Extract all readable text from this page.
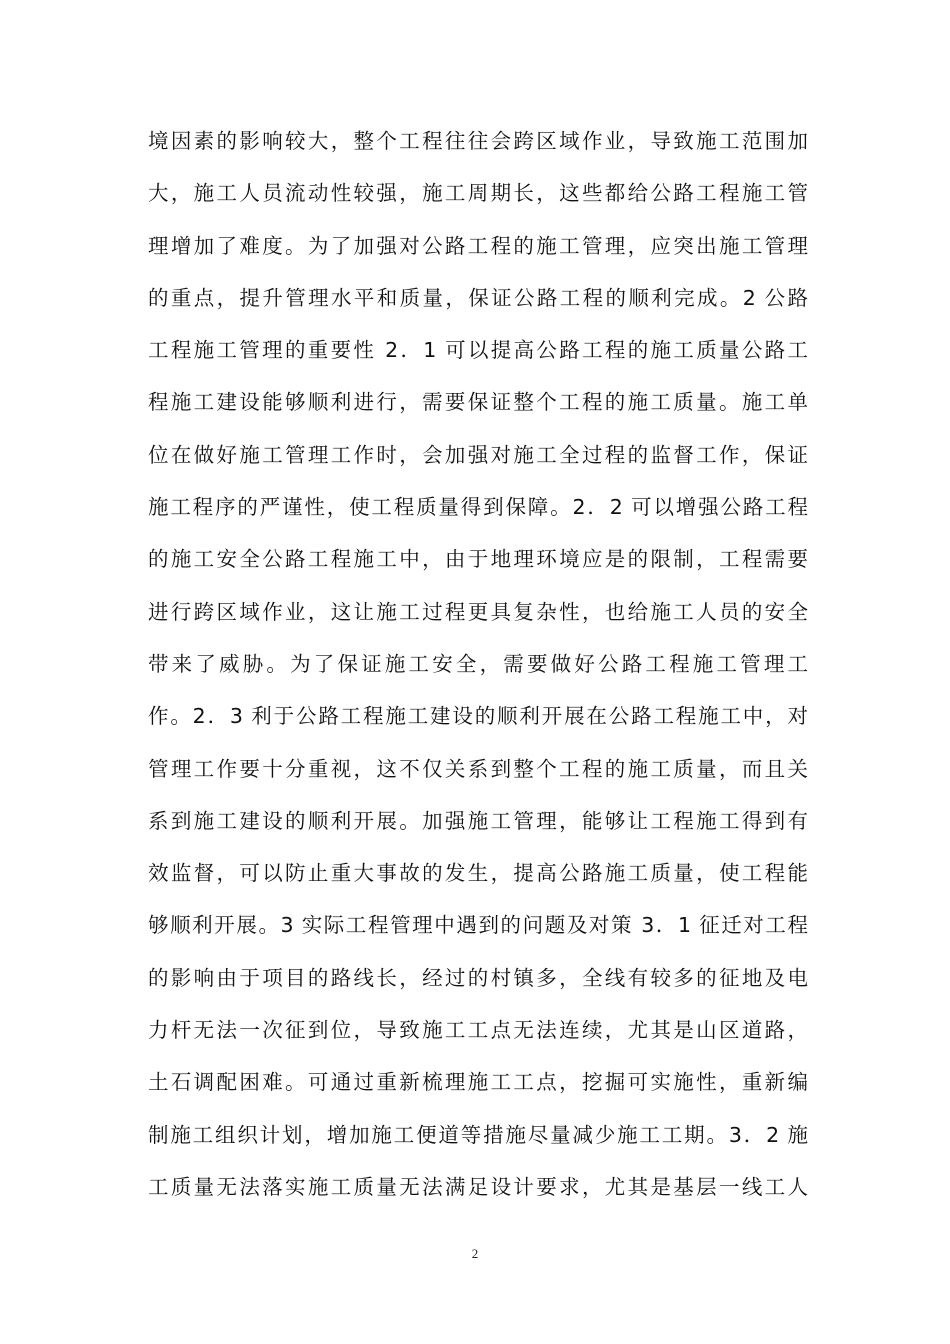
境因素的影响较大，整个工程往往会跨区域作业，导致施工范围加
大，施工人员流动性较强，施工周期长，这些都给公路工程施工管
理增加了难度。为了加强对公路工程的施工管理，应突出施工管理
的重点，提升管理水平和质量，保证公路工程的顺利完成。2 公路
工程施工管理的重要性 2．1 可以提高公路工程的施工质量公路工
程施工建设能够顺利进行，需要保证整个工程的施工质量。施工单
位在做好施工管理工作时，会加强对施工全过程的监督工作，保证
施工程序的严谨性，使工程质量得到保障。2．2 可以增强公路工程
的施工安全公路工程施工中，由于地理环境应是的限制，工程需要
进行跨区域作业，这让施工过程更具复杂性，也给施工人员的安全
带来了威胁。为了保证施工安全，需要做好公路工程施工管理工
作。2．3 利于公路工程施工建设的顺利开展在公路工程施工中，对
管理工作要十分重视，这不仅关系到整个工程的施工质量，而且关
系到施工建设的顺利开展。加强施工管理，能够让工程施工得到有
效监督，可以防止重大事故的发生，提高公路施工质量，使工程能
够顺利开展。3 实际工程管理中遇到的问题及对策 3．1 征迁对工程
的影响由于项目的路线长，经过的村镇多，全线有较多的征地及电
力杆无法一次征到位，导致施工工点无法连续，尤其是山区道路，
土石调配困难。可通过重新梳理施工工点，挖掘可实施性，重新编
制施工组织计划，增加施工便道等措施尽量减少施工工期。3．2 施
工质量无法落实施工质量无法满足设计要求，尤其是基层一线工人
2
